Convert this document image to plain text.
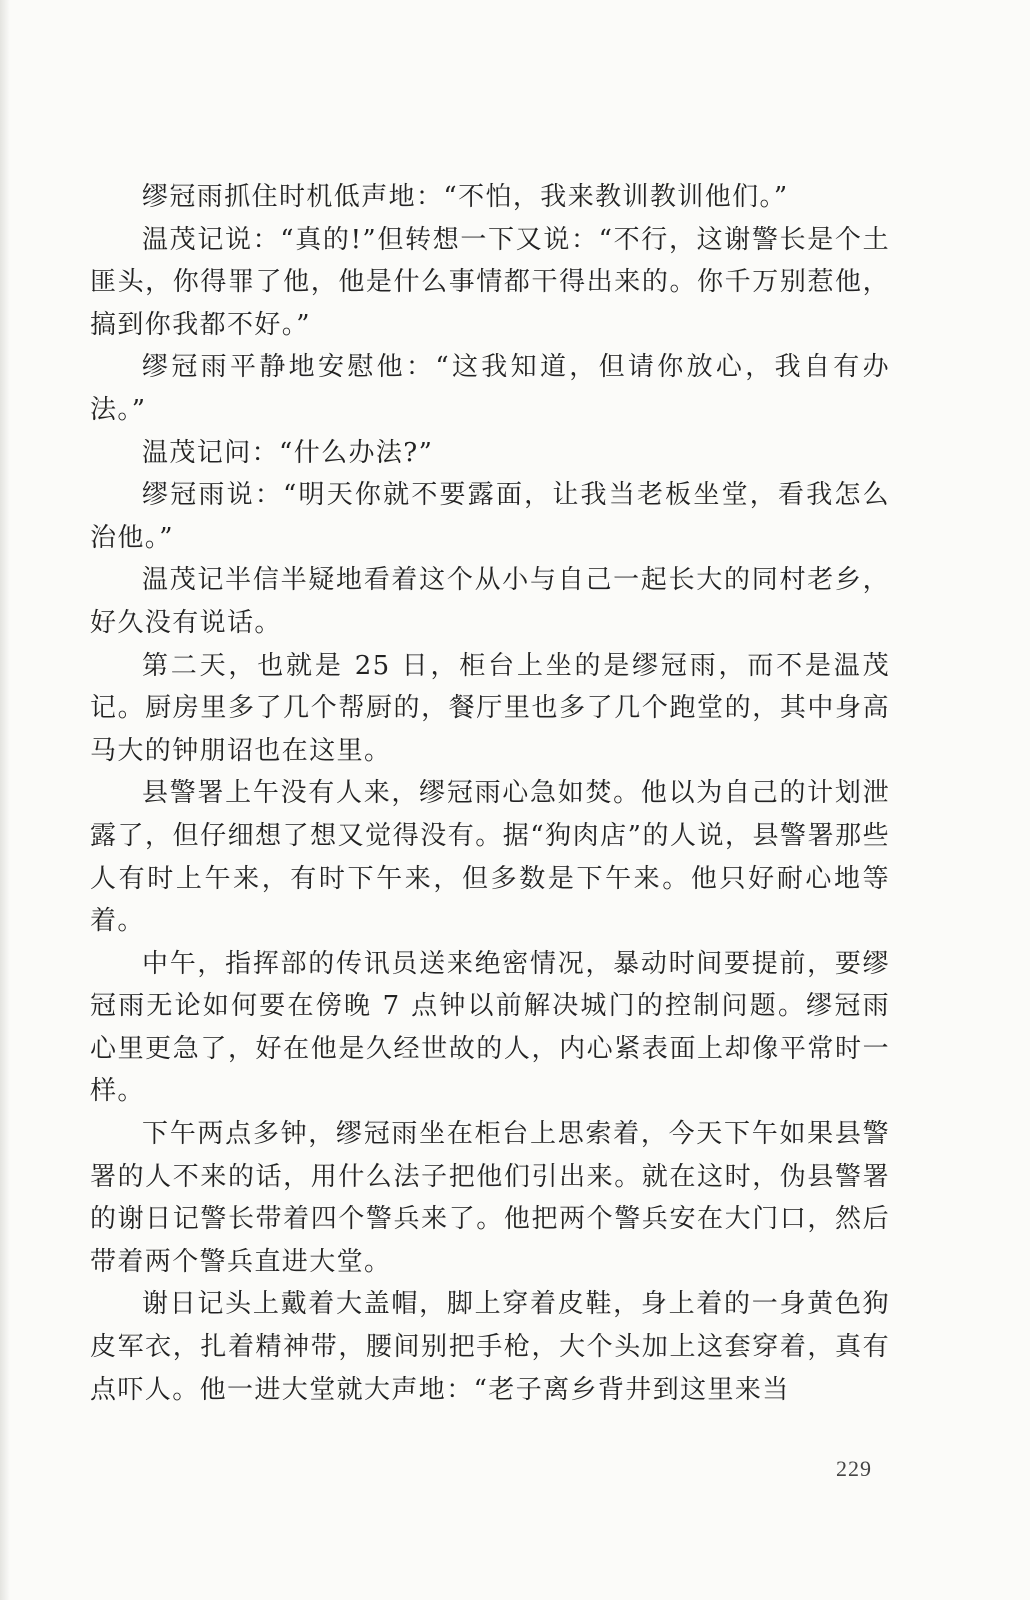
缪冠雨抓住时机低声地：“不怕，我来教训教训他们。”

温茂记说：“真的!”但转想一下又说：“不行，这谢警长是个土匪头，你得罪了他，他是什么事情都干得出来的。你千万别惹他，搞到你我都不好。”

缪冠雨平静地安慰他：“这我知道，但请你放心，我自有办法。”

温茂记问：“什么办法?”

缪冠雨说：“明天你就不要露面，让我当老板坐堂，看我怎么治他。”

温茂记半信半疑地看着这个从小与自己一起长大的同村老乡，好久没有说话。

第二天，也就是 25 日，柜台上坐的是缪冠雨，而不是温茂记。厨房里多了几个帮厨的，餐厅里也多了几个跑堂的，其中身高马大的钟朋诏也在这里。

县警署上午没有人来，缪冠雨心急如焚。他以为自己的计划泄露了，但仔细想了想又觉得没有。据“狗肉店”的人说，县警署那些人有时上午来，有时下午来，但多数是下午来。他只好耐心地等着。

中午，指挥部的传讯员送来绝密情况，暴动时间要提前，要缪冠雨无论如何要在傍晚 7 点钟以前解决城门的控制问题。缪冠雨心里更急了，好在他是久经世故的人，内心紧表面上却像平常时一样。

下午两点多钟，缪冠雨坐在柜台上思索着，今天下午如果县警署的人不来的话，用什么法子把他们引出来。就在这时，伪县警署的谢日记警长带着四个警兵来了。他把两个警兵安在大门口，然后带着两个警兵直进大堂。

谢日记头上戴着大盖帽，脚上穿着皮鞋，身上着的一身黄色狗皮军衣，扎着精神带，腰间别把手枪，大个头加上这套穿着，真有点吓人。他一进大堂就大声地：“老子离乡背井到这里来当

229
